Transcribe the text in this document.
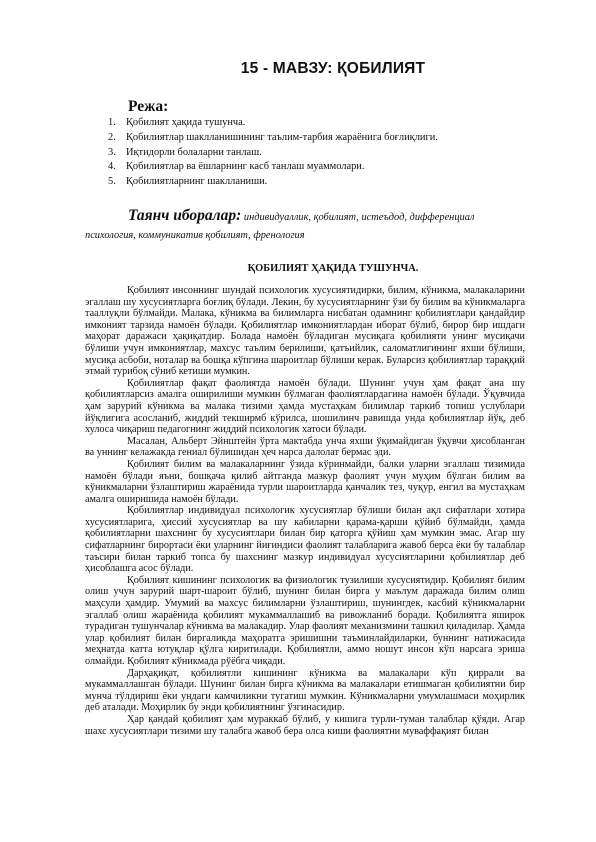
15 - МАВЗУ: ҚОБИЛИЯТ
Режа:
1. Қобилият ҳақида тушунча.
2. Қобилиятлар шаклланишининг таълим-тарбия жараёнига боғлиқлиги.
3. Иқтидорли болаларни танлаш.
4. Қобилиятлар ва ёшларнинг касб танлаш муаммолари.
5. Қобилиятларнинг шаклланиши.
Таянч иборалар: индивидуаллик, қобилият, истеъдод, дифференциал психология, коммуникатив қобилият, френология
ҚОБИЛИЯТ ҲАҚИДА ТУШУНЧА.

Қобилият инсоннинг шундай психологик хусусиятидирки, билим, кўникма, малакаларини эгаллаш шу хусусиятларга боғлиқ бўлади. Лекин, бу хусусиятларнинг ўзи бу билим ва кўникмаларга тааллуқли бўлмайди. Малака, кўникма ва билимларга нисбатан одамнинг қобилиятлари қандайдир имконият тарзида намоён бўлади. Қобилиятлар имкониятлардан иборат бўлиб, бирор бир ишдаги маҳорат даражаси ҳақиқатдир. Болада намоён бўладиган мусиқага қобилияти унинг мусиқачи бўлиши учун имкониятлар, махсус таълим берилиши, қатъийлик, саломатлигининг яхши бўлиши, мусиқа асбоби, ноталар ва бошқа кўпгина шароитлар бўлиши керак. Буларсиз қобилиятлар тараққий этмай турибоқ сўниб кетиши мумкин.

Қобилиятлар фақат фаолиятда намоён бўлади. Шунинг учун ҳам фақат ана шу қобилиятларсиз амалга оширилиши мумкин бўлмаган фаолиятлардагина намоён бўлади. Ўқувчида ҳам зарурий кўникма ва малака тизими ҳамда мустаҳкам билимлар таркиб топиш услублари йўқлигига асосланиб, жиддий текширмб кўрилса, шошилинч равишда унда қобилиятлар йўқ, деб хулоса чиқариш педагогнинг жиддий психологик хатоси бўлади.

Масалан, Альберт Эйнштейн ўрта мактабда унча яхши ўқимайдиган ўқувчи ҳисобланган ва уннинг келажакда гениал бўлишидан ҳеч нарса далолат бермас эди.

Қобилият билим ва малакаларнинг ўзида кўринмайди, балки уларни эгаллаш тизимида намоён бўлади яъни, бошқача қилиб айтганда мазкур фаолият учун муҳим бўлган билим ва кўникмаларни ўзлаштириш жараёнида турли шароитларда қанчалик тез, чуқур, енгил ва мустаҳкам амалга оширишида намоён бўлади.

Қобилиятлар индивидуал психологик хусусиятлар бўлиши билан ақл сифатлари хотира хусусиятларига, ҳиссий хусусиятлар ва шу кабиларни қарама-қарши қўйиб бўлмайди, ҳамда қобилиятларни шахснинг бу хусусиятлари билан бир қаторга қўйиш ҳам мумкин эмас. Агар шу сифатларнинг бирортаси ёки уларнинг йиғиндиси фаолият талабларига жавоб берса ёки бу талаблар таъсири билан таркиб топса бу шахснинг мазкур индивидуал хусусиятларини қобилиятлар деб ҳисоблашга асос бўлади.

Қобилият кишининг психологик ва физиологик тузилиши хусусиятидир. Қобилият билим олиш учун зарурий шарт-шароит бўлиб, шунинг билан бирга у маълум даражада билим олиш маҳсули ҳамдир. Умумий ва махсус билимларни ўзлаштириш, шунингдек, касбий кўникмаларни эгаллаб олиш жараёнида қобилият мукаммаллашиб ва ривожланиб боради. Қобилиятга яширок турадиган тушунчалар кўникма ва малакадир. Улар фаолият механизмини ташкил қиладилар. Ҳамда улар қобилият билан биргаликда маҳоратга эришишни таъминлайдиларки, буннинг натижасида меҳнатда катта ютуқлар қўлга киритилади. Қобилиятли, аммо ношут инсон кўп нарсага эриша олмайди. Қобилият кўникмада рўёбга чиқади.

Дарҳақиқат, қобилиятли кишининг кўникма ва малакалари кўп қиррали ва мукаммаллашган бўлади. Шунинг билан бирга кўникма ва малакалари етишмаган қобилиятни бир мунча тўлдириш ёки ундаги камчиликни тугатиш мумкин. Кўникмаларни умумлашмаси моҳирлик деб аталади. Моҳирлик бу энди қобилиятнинг ўзгинасидир.

Ҳар қандай қобилият ҳам мураккаб бўлиб, у кишига турли-туман талаблар қўяди. Агар шахс хусусиятлари тизими шу талабга жавоб бера олса киши фаолиятни муваффақият билан
